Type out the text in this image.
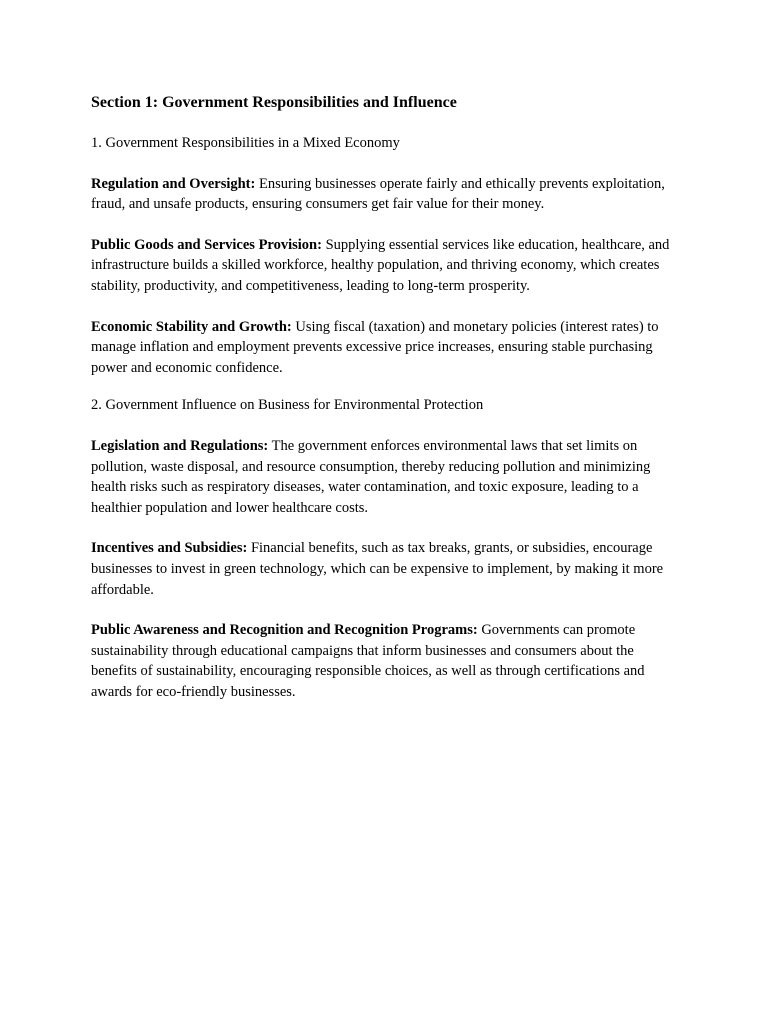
Section 1: Government Responsibilities and Influence

1. Government Responsibilities in a Mixed Economy

Regulation and Oversight: Ensuring businesses operate fairly and ethically prevents exploitation, fraud, and unsafe products, ensuring consumers get fair value for their money.

Public Goods and Services Provision: Supplying essential services like education, healthcare, and infrastructure builds a skilled workforce, healthy population, and thriving economy, which creates stability, productivity, and competitiveness, leading to long-term prosperity.

Economic Stability and Growth: Using fiscal (taxation) and monetary policies (interest rates) to manage inflation and employment prevents excessive price increases, ensuring stable purchasing power and economic confidence.

2. Government Influence on Business for Environmental Protection

Legislation and Regulations: The government enforces environmental laws that set limits on pollution, waste disposal, and resource consumption, thereby reducing pollution and minimizing health risks such as respiratory diseases, water contamination, and toxic exposure, leading to a healthier population and lower healthcare costs.

Incentives and Subsidies: Financial benefits, such as tax breaks, grants, or subsidies, encourage businesses to invest in green technology, which can be expensive to implement, by making it more affordable.

Public Awareness and Recognition and Recognition Programs: Governments can promote sustainability through educational campaigns that inform businesses and consumers about the benefits of sustainability, encouraging responsible choices, as well as through certifications and awards for eco-friendly businesses.
